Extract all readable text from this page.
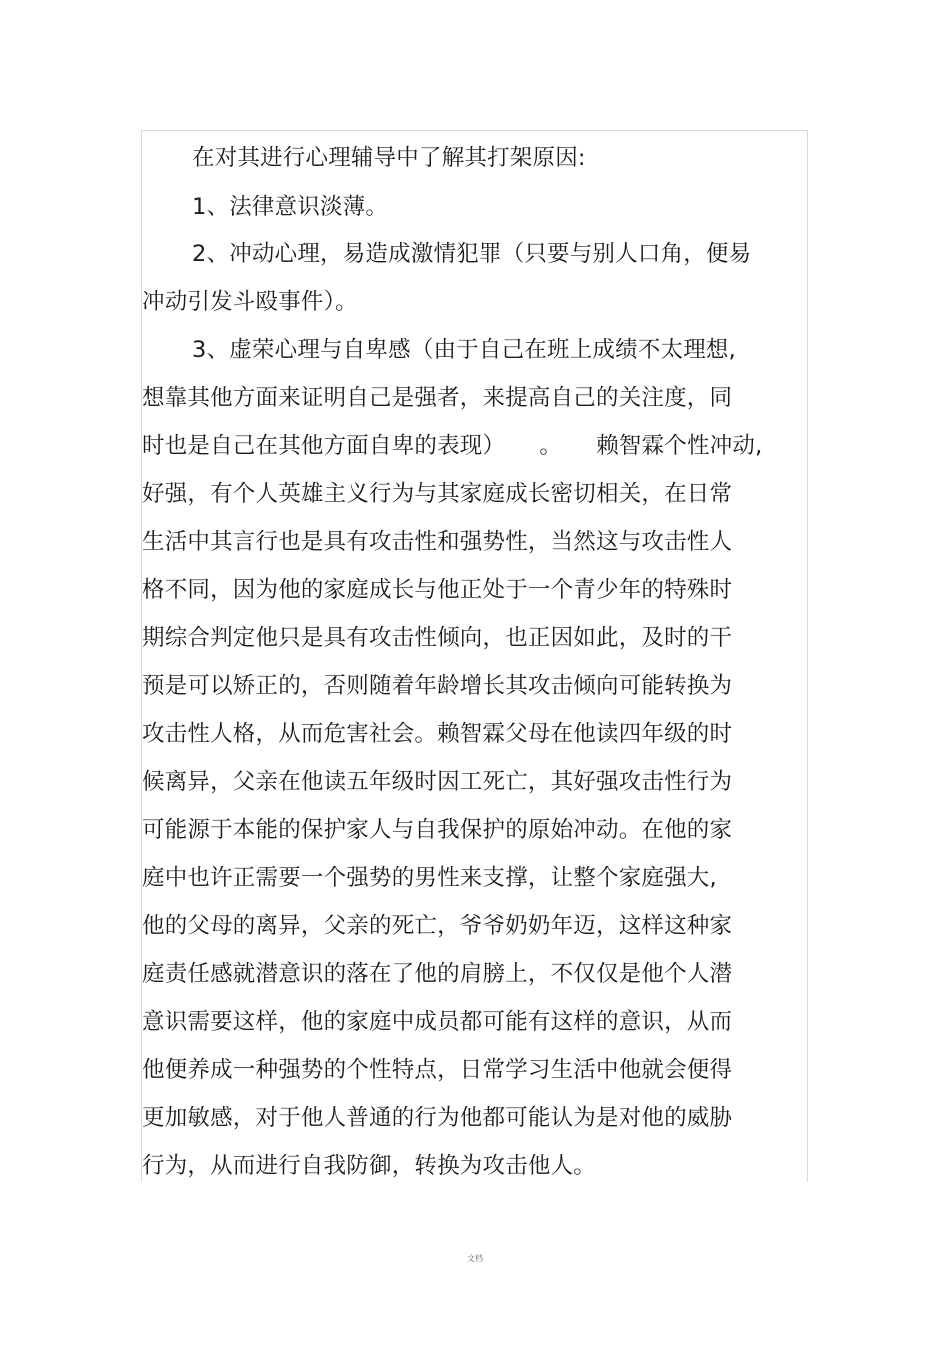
在对其进行心理辅导中了解其打架原因:
1、法律意识淡薄。
2、冲动心理，易造成激情犯罪（只要与别人口角，便易
冲动引发斗殴事件）。
3、虚荣心理与自卑感（由于自己在班上成绩不太理想,
想靠其他方面来证明自己是强者，来提高自己的关注度，同
时也是自己在其他方面自卑的表现）　　。　　赖智霖个性冲动,
好强，有个人英雄主义行为与其家庭成长密切相关，在日常
生活中其言行也是具有攻击性和强势性，当然这与攻击性人
格不同，因为他的家庭成长与他正处于一个青少年的特殊时
期综合判定他只是具有攻击性倾向，也正因如此，及时的干
预是可以矫正的，否则随着年龄增长其攻击倾向可能转换为
攻击性人格，从而危害社会。赖智霖父母在他读四年级的时
候离异，父亲在他读五年级时因工死亡，其好强攻击性行为
可能源于本能的保护家人与自我保护的原始冲动。在他的家
庭中也许正需要一个强势的男性来支撑，让整个家庭强大,
他的父母的离异，父亲的死亡，爷爷奶奶年迈，这样这种家
庭责任感就潜意识的落在了他的肩膀上，不仅仅是他个人潜
意识需要这样，他的家庭中成员都可能有这样的意识，从而
他便养成一种强势的个性特点，日常学习生活中他就会便得
更加敏感，对于他人普通的行为他都可能认为是对他的威胁
行为，从而进行自我防御，转换为攻击他人。
文档
